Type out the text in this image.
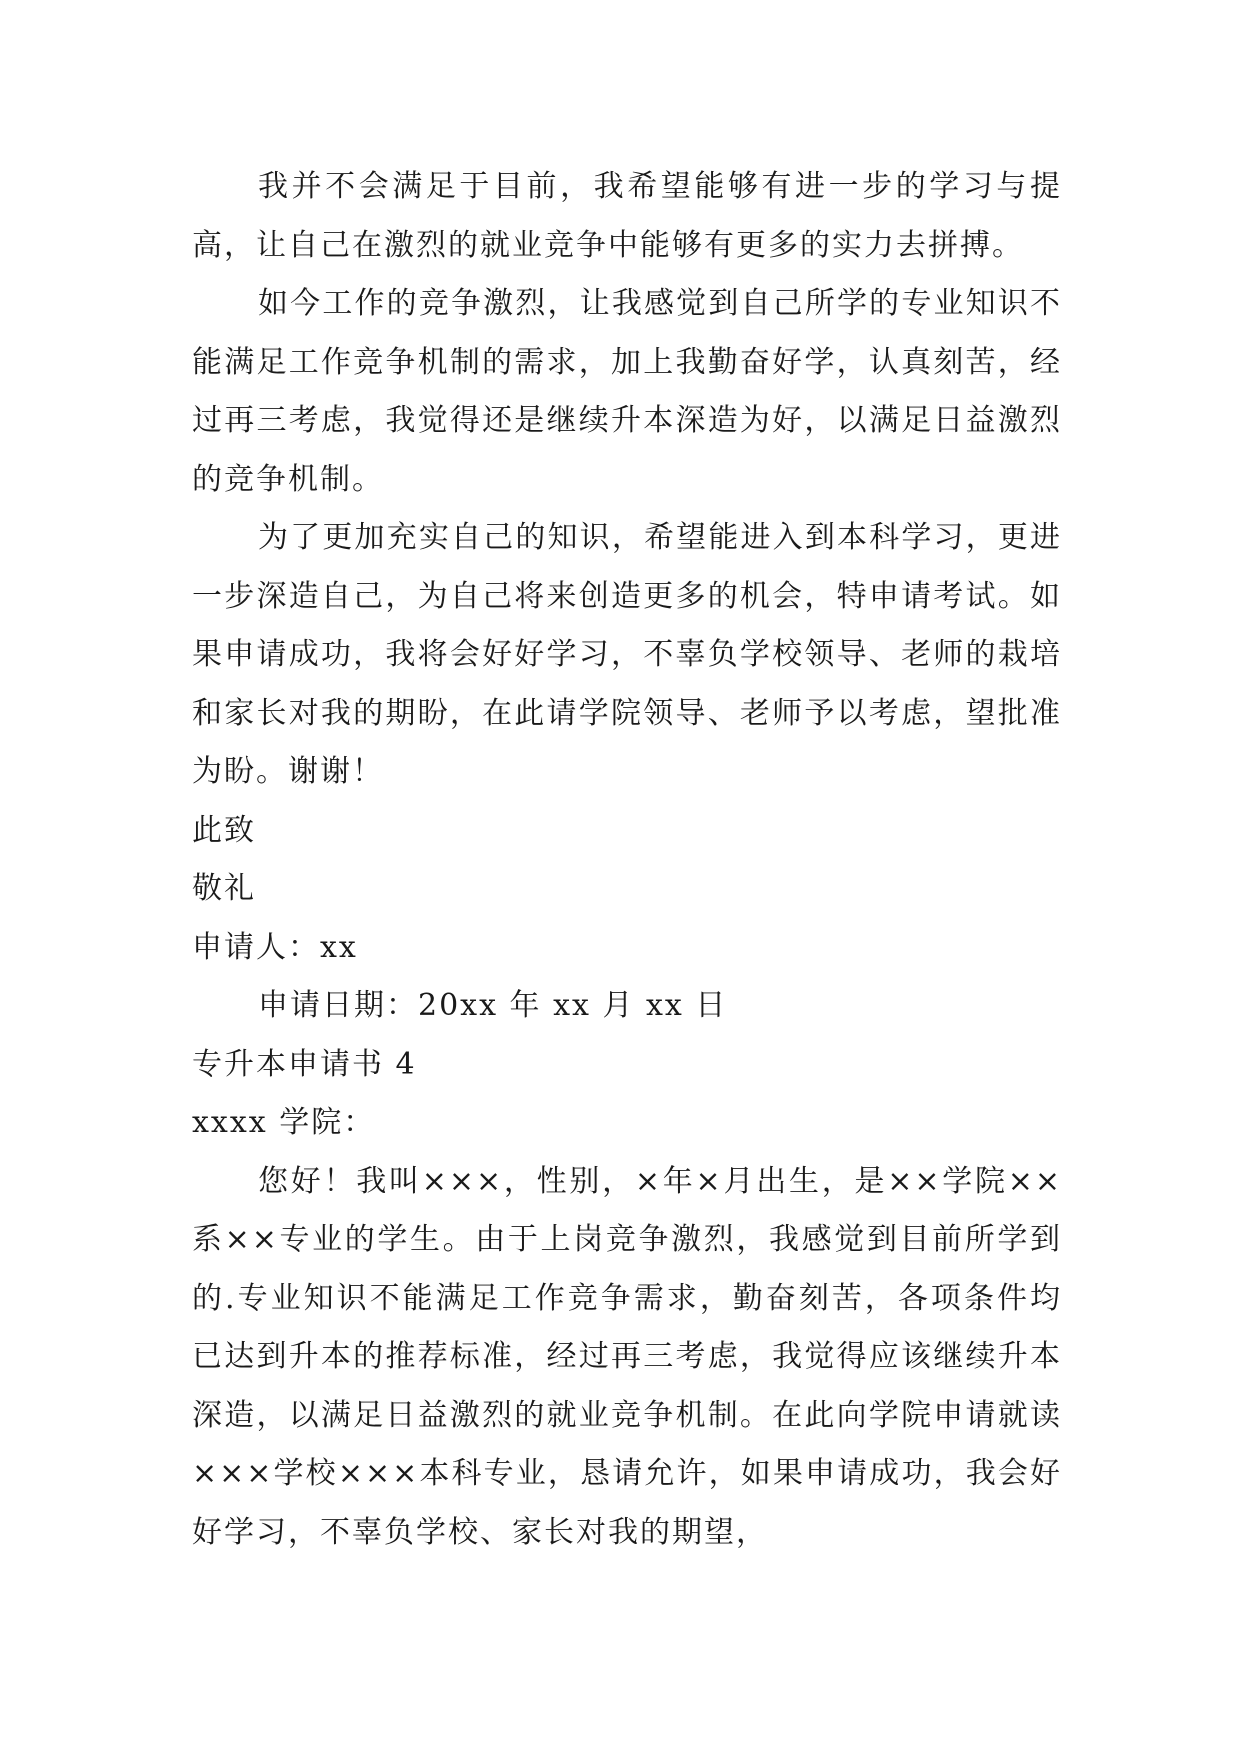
我并不会满足于目前，我希望能够有进一步的学习与提高，让自己在激烈的就业竞争中能够有更多的实力去拼搏。

如今工作的竞争激烈，让我感觉到自己所学的专业知识不能满足工作竞争机制的需求，加上我勤奋好学，认真刻苦，经过再三考虑，我觉得还是继续升本深造为好，以满足日益激烈的竞争机制。

为了更加充实自己的知识，希望能进入到本科学习，更进一步深造自己，为自己将来创造更多的机会，特申请考试。如果申请成功，我将会好好学习，不辜负学校领导、老师的栽培和家长对我的期盼，在此请学院领导、老师予以考虑，望批准为盼。谢谢！

此致

敬礼

申请人：xx

申请日期：20xx 年 xx 月 xx 日

专升本申请书 4

xxxx 学院：

您好！我叫×××，性别，×年×月出生，是××学院××系××专业的学生。由于上岗竞争激烈，我感觉到目前所学到的.专业知识不能满足工作竞争需求，勤奋刻苦，各项条件均已达到升本的推荐标准，经过再三考虑，我觉得应该继续升本深造，以满足日益激烈的就业竞争机制。在此向学院申请就读×××学校×××本科专业，恳请允许，如果申请成功，我会好好学习，不辜负学校、家长对我的期望，
